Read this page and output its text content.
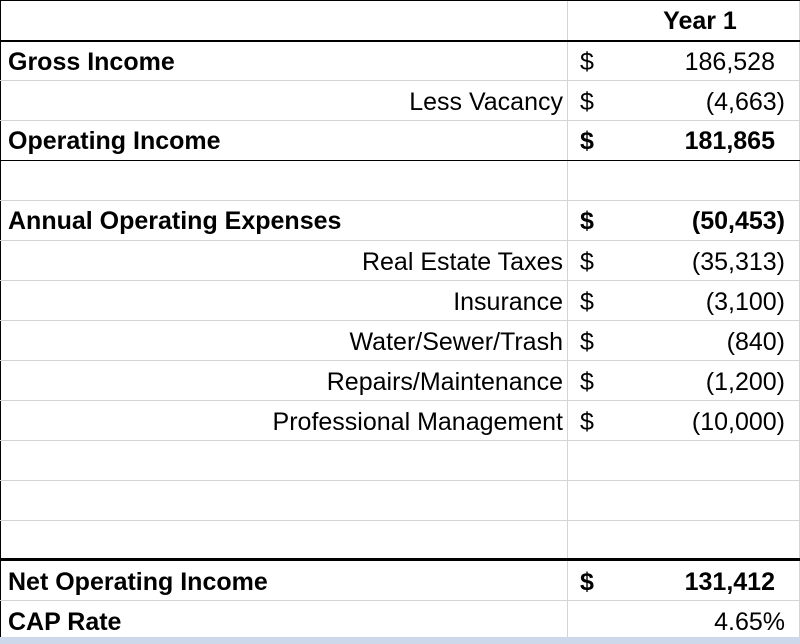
Year 1
Gross Income	$	186,528
Less Vacancy $	(4,663)
Operating Income	$	181,865
Annual Operating Expenses	$	(50,453)
Real Estate Taxes $	(35,313)
Insurance $	(3,100)
Water/Sewer/Trash $	(840)
Repairs/Maintenance $	(1,200)
Professional Management $	(10,000)
Net Operating Income	$	131,412
CAP Rate	4.65%
